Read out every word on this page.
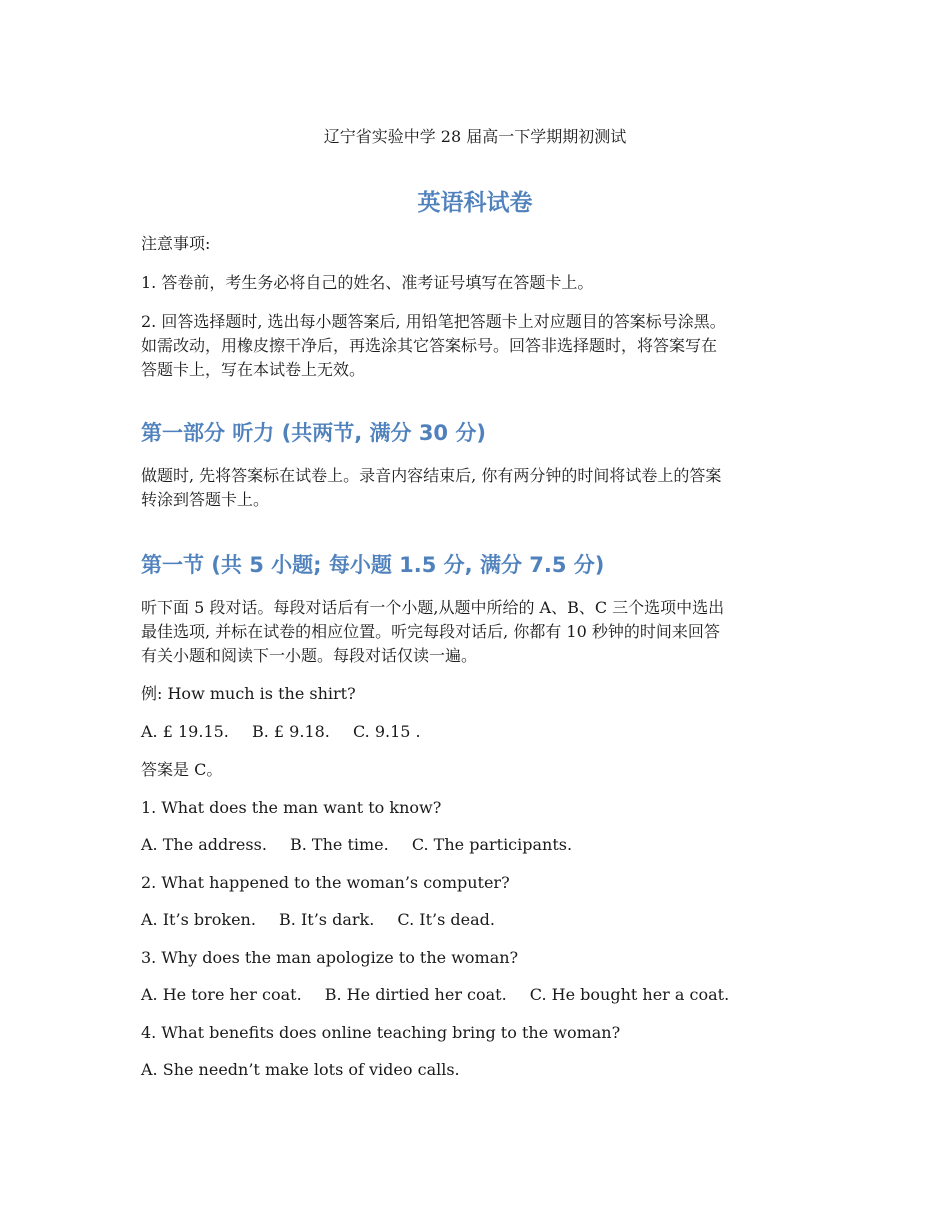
辽宁省实验中学 28 届高一下学期期初测试
英语科试卷
注意事项:
1. 答卷前，考生务必将自己的姓名、准考证号填写在答题卡上。
2. 回答选择题时, 选出每小题答案后, 用铅笔把答题卡上对应题目的答案标号涂黑。
如需改动，用橡皮擦干净后，再选涂其它答案标号。回答非选择题时，将答案写在
答题卡上，写在本试卷上无效。
第一部分 听力 (共两节, 满分 30 分)
做题时, 先将答案标在试卷上。录音内容结束后, 你有两分钟的时间将试卷上的答案
转涂到答题卡上。
第一节 (共 5 小题; 每小题 1.5 分, 满分 7.5 分)
听下面 5 段对话。每段对话后有一个小题,从题中所给的 A、B、C 三个选项中选出
最佳选项, 并标在试卷的相应位置。听完每段对话后, 你都有 10 秒钟的时间来回答
有关小题和阅读下一小题。每段对话仅读一遍。
例: How much is the shirt?
A. £ 19.15. B. £ 9.18. C. 9.15 .
答案是 C。
1. What does the man want to know?
A. The address. B. The time. C. The participants.
2. What happened to the woman’s computer?
A. It’s broken. B. It’s dark. C. It’s dead.
3. Why does the man apologize to the woman?
A. He tore her coat. B. He dirtied her coat. C. He bought her a coat.
4. What benefits does online teaching bring to the woman?
A. She needn’t make lots of video calls.
